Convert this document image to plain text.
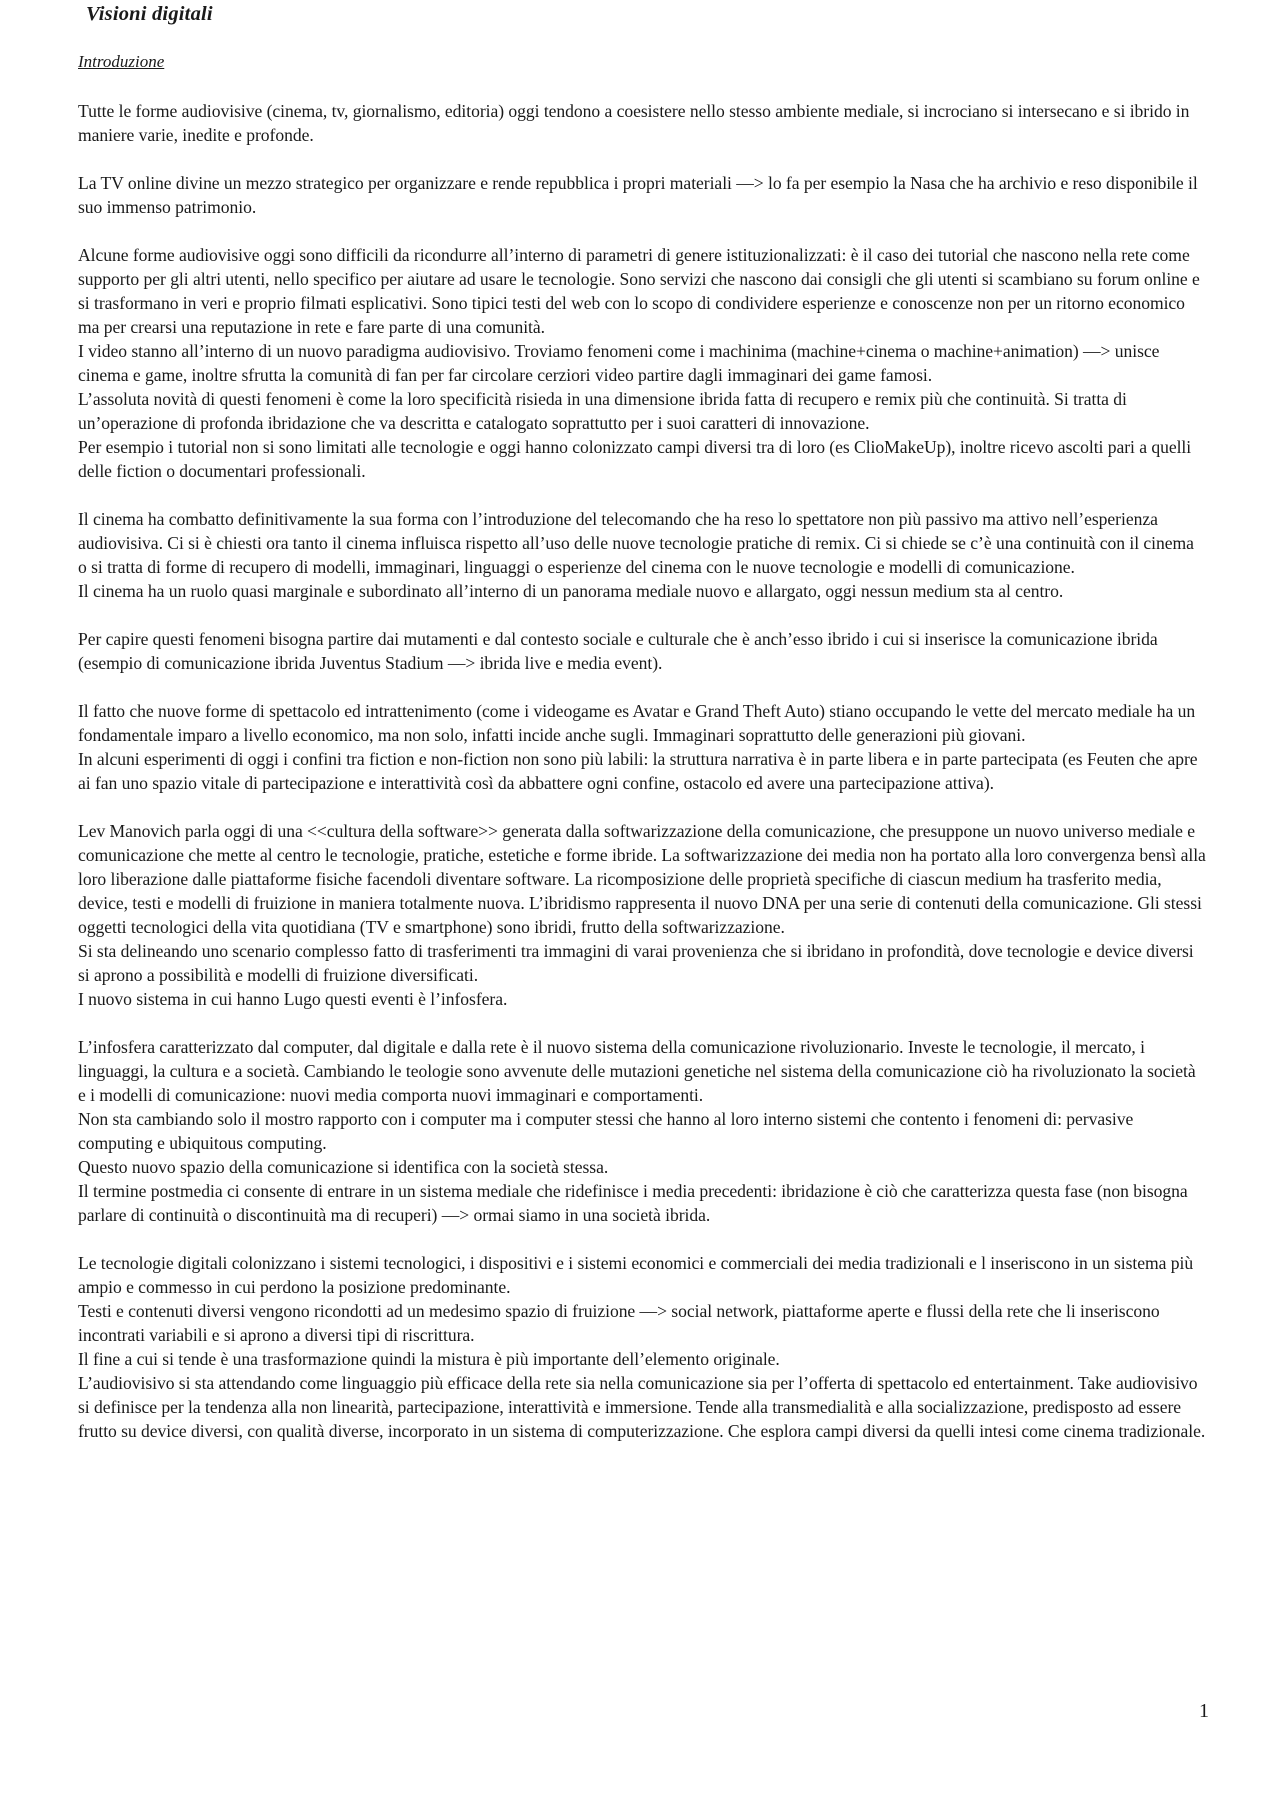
Visioni digitali
Introduzione

Tutte le forme audiovisive (cinema, tv, giornalismo, editoria) oggi tendono a coesistere nello stesso ambiente mediale, si incrociano si intersecano e si ibrido in maniere varie, inedite e profonde.

La TV online divine un mezzo strategico per organizzare e rende repubblica i propri materiali —> lo fa per esempio la Nasa che ha archivio e reso disponibile il suo immenso patrimonio.

Alcune forme audiovisive oggi sono difficili da ricondurre all’interno di parametri di genere istituzionalizzati: è il caso dei tutorial che nascono nella rete come supporto per gli altri utenti, nello specifico per aiutare ad usare le tecnologie. Sono servizi che nascono dai consigli che gli utenti si scambiano su forum online e si trasformano in veri e proprio filmati esplicativi. Sono tipici testi del web con lo scopo di condividere esperienze e conoscenze non per un ritorno economico ma per crearsi una reputazione in rete e fare parte di una comunità.
I video stanno all’interno di un nuovo paradigma audiovisivo. Troviamo fenomeni come i machinima (machine+cinema o machine+animation) —> unisce cinema e game, inoltre sfrutta la comunità di fan per far circolare cerziori video partire dagli immaginari dei game famosi.
L’assoluta novità di questi fenomeni è come la loro specificità risieda in una dimensione ibrida fatta di recupero e remix più che continuità. Si tratta di un’operazione di profonda ibridazione che va descritta e catalogato soprattutto per i suoi caratteri di innovazione.
Per esempio i tutorial non si sono limitati alle tecnologie e oggi hanno colonizzato campi diversi tra di loro (es ClioMakeUp), inoltre ricevo ascolti pari a quelli delle fiction o documentari professionali.

Il cinema ha combatto definitivamente la sua forma con l’introduzione del telecomando che ha reso lo spettatore non più passivo ma attivo nell’esperienza audiovisiva. Ci si è chiesti ora tanto il cinema influisca rispetto all’uso delle nuove tecnologie pratiche di remix. Ci si chiede se c’è una continuità con il cinema o si tratta di forme di recupero di modelli, immaginari, linguaggi o esperienze del cinema con le nuove tecnologie e modelli di comunicazione.
Il cinema ha un ruolo quasi marginale e subordinato all’interno di un panorama mediale nuovo e allargato, oggi nessun medium sta al centro.

Per capire questi fenomeni bisogna partire dai mutamenti e dal contesto sociale e culturale che è anch’esso ibrido i cui si inserisce la comunicazione ibrida (esempio di comunicazione ibrida Juventus Stadium —> ibrida live e media event).

Il fatto che nuove forme di spettacolo ed intrattenimento (come i videogame es Avatar e Grand Theft Auto) stiano occupando le vette del mercato mediale ha un fondamentale imparo a livello economico, ma non solo, infatti incide anche sugli. Immaginari soprattutto delle generazioni più giovani.
In alcuni esperimenti di oggi i confini tra fiction e non-fiction non sono più labili: la struttura narrativa è in parte libera e in parte partecipata (es Feuten che apre ai fan uno spazio vitale di partecipazione e interattività così da abbattere ogni confine, ostacolo ed avere una partecipazione attiva).

Lev Manovich parla oggi di una <<cultura della software>> generata dalla softwarizzazione della comunicazione, che presuppone un nuovo universo mediale e comunicazione che mette al centro le tecnologie, pratiche, estetiche e forme ibride. La softwarizzazione dei media non ha portato alla loro convergenza bensì alla loro liberazione dalle piattaforme fisiche facendoli diventare software. La ricomposizione delle proprietà specifiche di ciascun medium ha trasferito media, device, testi e modelli di fruizione in maniera totalmente nuova. L’ibridismo rappresenta il nuovo DNA per una serie di contenuti della comunicazione. Gli stessi oggetti tecnologici della vita quotidiana (TV e smartphone) sono ibridi, frutto della softwarizzazione.
Si sta delineando uno scenario complesso fatto di trasferimenti tra immagini di varai provenienza che si ibridano in profondità, dove tecnologie e device diversi si aprono a possibilità e modelli di fruizione diversificati.
I nuovo sistema in cui hanno Lugo questi eventi è l’infosfera.

L’infosfera caratterizzato dal computer, dal digitale e dalla rete è il nuovo sistema della comunicazione rivoluzionario. Investe le tecnologie, il mercato, i linguaggi, la cultura e a società. Cambiando le teologie sono avvenute delle mutazioni genetiche nel sistema della comunicazione ciò ha rivoluzionato la società e i modelli di comunicazione: nuovi media comporta nuovi immaginari e comportamenti.
Non sta cambiando solo il mostro rapporto con i computer ma i computer stessi che hanno al loro interno sistemi che contento i fenomeni di: pervasive computing e ubiquitous computing.
Questo nuovo spazio della comunicazione si identifica con la società stessa.
Il termine postmedia ci consente di entrare in un sistema mediale che ridefinisce i media precedenti: ibridazione è ciò che caratterizza questa fase (non bisogna parlare di continuità o discontinuità ma di recuperi) —> ormai siamo in una società ibrida.

Le tecnologie digitali colonizzano i sistemi tecnologici, i dispositivi e i sistemi economici e commerciali dei media tradizionali e l inseriscono in un sistema più ampio e commesso in cui perdono la posizione predominante.
Testi e contenuti diversi vengono ricondotti ad un medesimo spazio di fruizione —> social network, piattaforme aperte e flussi della rete che li inseriscono incontrati variabili e si aprono a diversi tipi di riscrittura.
Il fine a cui si tende è una trasformazione quindi la mistura è più importante dell’elemento originale.
L’audiovisivo si sta attendando come linguaggio più efficace della rete sia nella comunicazione sia per l’offerta di spettacolo ed entertainment. Take audiovisivo si definisce per la tendenza alla non linearità, partecipazione, interattività e immersione. Tende alla transmedialità e alla socializzazione, predisposto ad essere frutto su device diversi, con qualità diverse, incorporato in un sistema di computerizzazione. Che esplora campi diversi da quelli intesi come cinema tradizionale.

1
